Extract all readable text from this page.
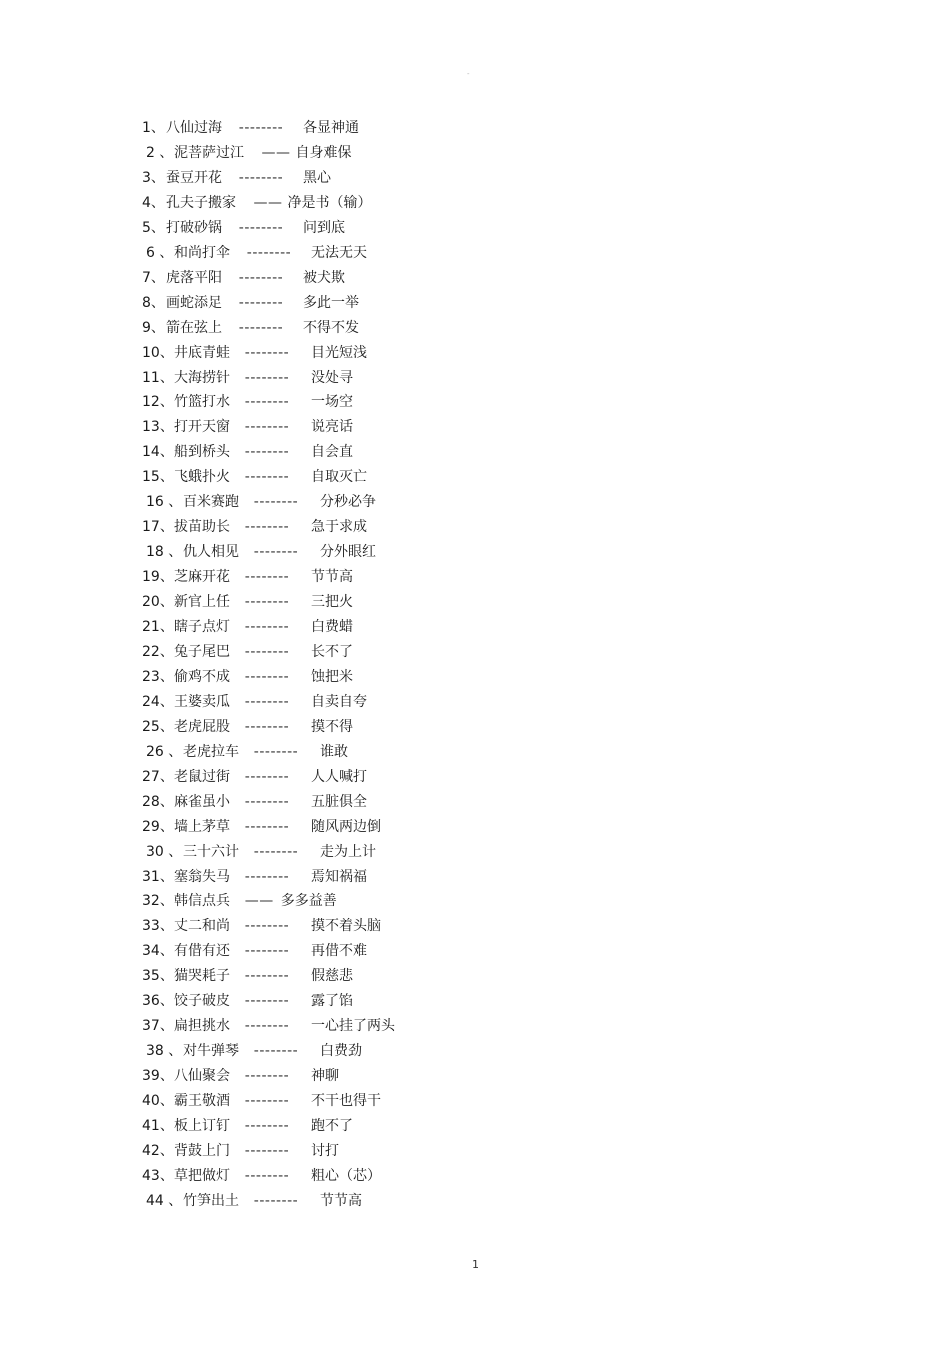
-
1、 八仙过海 -------- 各显神通
2 、 泥菩萨过江 —— 自身难保
3、 蚕豆开花 -------- 黑心
4、 孔夫子搬家 —— 净是书（输）
5、 打破砂锅 -------- 问到底
6 、 和尚打伞 -------- 无法无天
7、 虎落平阳 -------- 被犬欺
8、 画蛇添足 -------- 多此一举
9、 箭在弦上 -------- 不得不发
10、 井底青蛙 -------- 目光短浅
11、 大海捞针 -------- 没处寻
12、 竹篮打水 -------- 一场空
13、 打开天窗 -------- 说亮话
14、 船到桥头 -------- 自会直
15、 飞蛾扑火 -------- 自取灭亡
16 、 百米赛跑 -------- 分秒必争
17、 拔苗助长 -------- 急于求成
18 、 仇人相见 -------- 分外眼红
19、 芝麻开花 -------- 节节高
20、 新官上任 -------- 三把火
21、 瞎子点灯 -------- 白费蜡
22、 兔子尾巴 -------- 长不了
23、 偷鸡不成 -------- 蚀把米
24、 王婆卖瓜 -------- 自卖自夸
25、 老虎屁股 -------- 摸不得
26 、 老虎拉车 -------- 谁敢
27、 老鼠过街 -------- 人人喊打
28、 麻雀虽小 -------- 五脏俱全
29、 墙上茅草 -------- 随风两边倒
30 、 三十六计 -------- 走为上计
31、 塞翁失马 -------- 焉知祸福
32、 韩信点兵 —— 多多益善
33、 丈二和尚 -------- 摸不着头脑
34、 有借有还 -------- 再借不难
35、 猫哭耗子 -------- 假慈悲
36、 饺子破皮 -------- 露了馅
37、 扁担挑水 -------- 一心挂了两头
38 、 对牛弹琴 -------- 白费劲
39、 八仙聚会 -------- 神聊
40、 霸王敬酒 -------- 不干也得干
41、 板上订钉 -------- 跑不了
42、 背鼓上门 -------- 讨打
43、 草把做灯 -------- 粗心（芯）
44 、 竹笋出土 -------- 节节高
1
